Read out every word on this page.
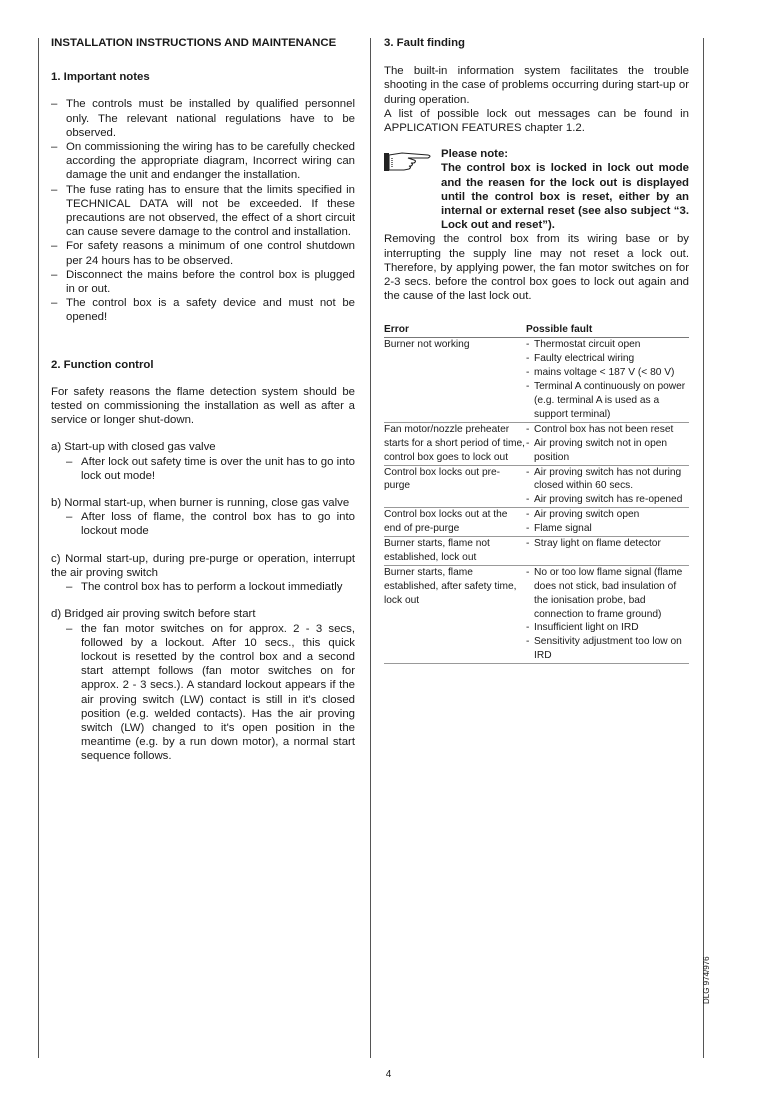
INSTALLATION INSTRUCTIONS AND MAINTENANCE
1. Important notes
– The controls must be installed by qualified personnel only. The relevant national regulations have to be observed.
– On commissioning the wiring has to be carefully checked according the appropriate diagram, Incorrect wiring can damage the unit and endanger the installation.
– The fuse rating has to ensure that the limits specified in TECHNICAL DATA will not be exceeded. If these precautions are not observed, the effect of a short circuit can cause severe damage to the control and installation.
– For safety reasons a minimum of one control shutdown per 24 hours has to be observed.
– Disconnect the mains before the control box is plugged in or out.
– The control box is a safety device and must not be opened!
2. Function control

For safety reasons the flame detection system should be tested on commissioning the installation as well as after a service or longer shut-down.

a) Start-up with closed gas valve

– After lock out safety time is over the unit has to go into lock out mode!

b) Normal start-up, when burner is running, close gas valve

– After loss of flame, the control box has to go into lockout mode

c) Normal start-up, during pre-purge or operation, interrupt the air proving switch

– The control box has to perform a lockout immediatly

d) Bridged air proving switch before start

– the fan motor switches on for approx. 2 - 3 secs, followed by a lockout. After 10 secs., this quick lockout is resetted by the control box and a second start attempt follows (fan motor switches on for approx. 2 - 3 secs.). A standard lockout appears if the air proving switch (LW) contact is still in it's closed position (e.g. welded contacts). Has the air proving switch (LW) changed to it's open position in the meantime (e.g. by a run down motor), a normal start sequence follows.
3. Fault finding

The built-in information system facilitates the trouble shooting in the case of problems occurring during start-up or during operation.

A list of possible lock out messages can be found in APPLICATION FEATURES chapter 1.2.

Please note:
The control box is locked in lock out mode and the reasen for the lock out is displayed until the control box is reset, either by an internal or external reset (see also subject “3. Lock out and reset”).

Removing the control box from its wiring base or by interrupting the supply line may not reset a lock out. Therefore, by applying power, the fan motor switches on for 2-3 secs. before the control box goes to lock out again and the cause of the last lock out.

Error	Possible fault
Burner not working	- Thermostat circuit open
- Faulty electrical wiring
- mains voltage < 187 V (< 80 V)
- Terminal A continuously on power (e.g. terminal A is used as a support terminal)

Fan motor/nozzle preheater starts for a short period of time, control box goes to lock out	- Control box has not been reset
- Air proving switch not in open position

Control box locks out pre-purge	- Air proving switch has not during closed within 60 secs.
- Air proving switch has re-opened

Control box locks out at the end of pre-purge	- Air proving switch open
- Flame signal

Burner starts, flame not established, lock out	- Stray light on flame detector

Burner starts, flame established, after safety time, lock out	- No or too low flame signal (flame does not stick, bad insulation of the ionisation probe, bad connection to frame ground)
- Insufficient light on IRD
- Sensitivity adjustment too low on IRD
4
DLG 974/976
